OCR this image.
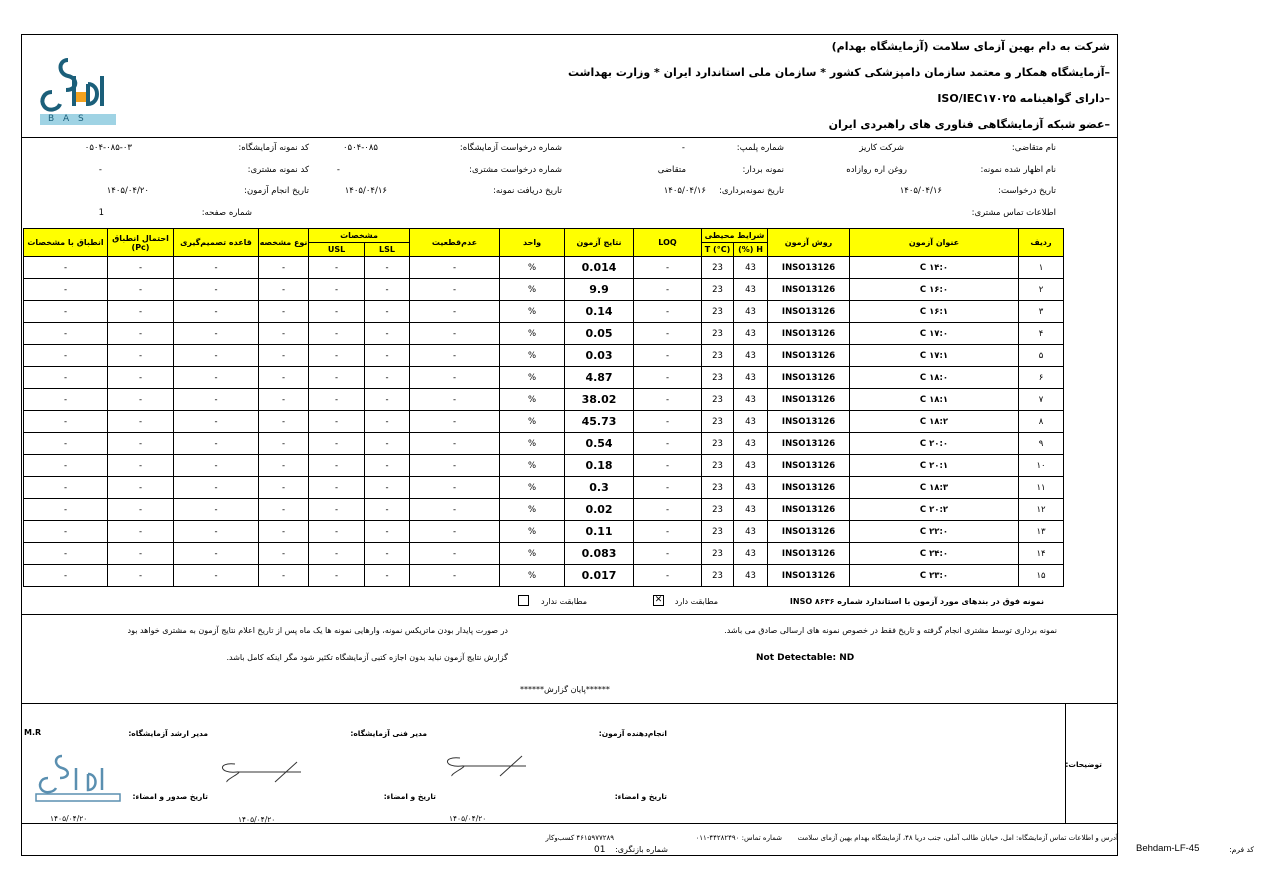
شرکت به دام بهین آزمای سلامت (آزمایشگاه بهدام)
–آزمایشگاه همکار و معتمد سازمان دامپزشکی کشور * سازمان ملی استاندارد ایران * وزارت بهداشت
–دارای گواهینامه ISO/IEC۱۷۰۲۵
–عضو شبکه آزمایشگاهی فناوری های راهبردی ایران
B A S
نام متقاضی:
شرکت کاریز
شماره پلمپ:
-
شماره درخواست آزمایشگاه:
۰۵۰۴-۰۸۵
کد نمونه آزمایشگاه:
۰۵۰۴-۰۸۵-۰۳
نام اظهار شده نمونه:
روغن اره روازاده
نمونه بردار:
متقاضی
شماره درخواست مشتری:
-
کد نمونه مشتری:
-
تاریخ درخواست:
۱۴۰۵/۰۴/۱۶
تاریخ نمونه‌برداری:
۱۴۰۵/۰۴/۱۶
تاریخ دریافت نمونه:
۱۴۰۵/۰۴/۱۶
تاریخ انجام آزمون:
۱۴۰۵/۰۴/۲۰
اطلاعات تماس مشتری:
شماره صفحه:
1
ردیف	عنوان آزمون	روش آزمون	شرایط محیطی		LOQ	نتایج آزمون	واحد	عدم‌قطعیت	مشخصات		نوع مشخصه	قاعده تصمیم‌گیری	احتمال انطباق
(Pc)	انطباق با مشخصات
			H (%)	T (°C)					LSL	USL				
۱	C ۱۴:۰	INSO13126	43	23	-	0.014	%	-	-	-	-	-	-	-
۲	C ۱۶:۰	INSO13126	43	23	-	9.9	%	-	-	-	-	-	-	-
۳	C ۱۶:۱	INSO13126	43	23	-	0.14	%	-	-	-	-	-	-	-
۴	C ۱۷:۰	INSO13126	43	23	-	0.05	%	-	-	-	-	-	-	-
۵	C ۱۷:۱	INSO13126	43	23	-	0.03	%	-	-	-	-	-	-	-
۶	C ۱۸:۰	INSO13126	43	23	-	4.87	%	-	-	-	-	-	-	-
۷	C ۱۸:۱	INSO13126	43	23	-	38.02	%	-	-	-	-	-	-	-
۸	C ۱۸:۲	INSO13126	43	23	-	45.73	%	-	-	-	-	-	-	-
۹	C ۲۰:۰	INSO13126	43	23	-	0.54	%	-	-	-	-	-	-	-
۱۰	C ۲۰:۱	INSO13126	43	23	-	0.18	%	-	-	-	-	-	-	-
۱۱	C ۱۸:۳	INSO13126	43	23	-	0.3	%	-	-	-	-	-	-	-
۱۲	C ۲۰:۲	INSO13126	43	23	-	0.02	%	-	-	-	-	-	-	-
۱۳	C ۲۲:۰	INSO13126	43	23	-	0.11	%	-	-	-	-	-	-	-
۱۴	C ۲۴:۰	INSO13126	43	23	-	0.083	%	-	-	-	-	-	-	-
۱۵	C ۲۳:۰	INSO13126	43	23	-	0.017	%	-	-	-	-	-	-	-
نمونه فوق در بندهای مورد آزمون با استاندارد شماره ۸۶۳۶ INSO
✕ مطابقت دارد
مطابقت ندارد
نمونه برداری توسط مشتری انجام گرفته و تاریخ فقط در خصوص نمونه های ارسالی صادق می باشد.
در صورت پایدار بودن ماتریکس نمونه، وارهایی نمونه ها یک ماه پس از تاریخ اعلام نتایج آزمون به مشتری خواهد بود
Not Detectable: ND
گزارش نتایج آزمون نباید بدون اجازه کتبی آزمایشگاه تکثیر شود مگر اینکه کامل باشد.
******پایان گزارش******
توضیحات:
انجام‌دهنده آزمون:
مدیر فنی آزمایشگاه:
مدیر ارشد آزمایشگاه:
M.R
تاریخ و امضاء:
تاریخ و امضاء:
تاریخ صدور و امضاء:
۱۴۰۵/۰۴/۲۰
۱۴۰۵/۰۴/۲۰
۱۴۰۵/۰۴/۲۰
آدرس و اطلاعات تماس آزمایشگاه: امل، خیابان طالب آملی، جنب دریا ۴۸، آزمایشگاه بهدام بهین آزمای سلامت
شماره تماس: ۴۴۲۸۲۴۹۰-۰۱۱
۴۶۱۵۹۷۷۲۸۹ کسب‌وکار
شماره بازنگری:
01	کد فرم:
Behdam-LF-45
